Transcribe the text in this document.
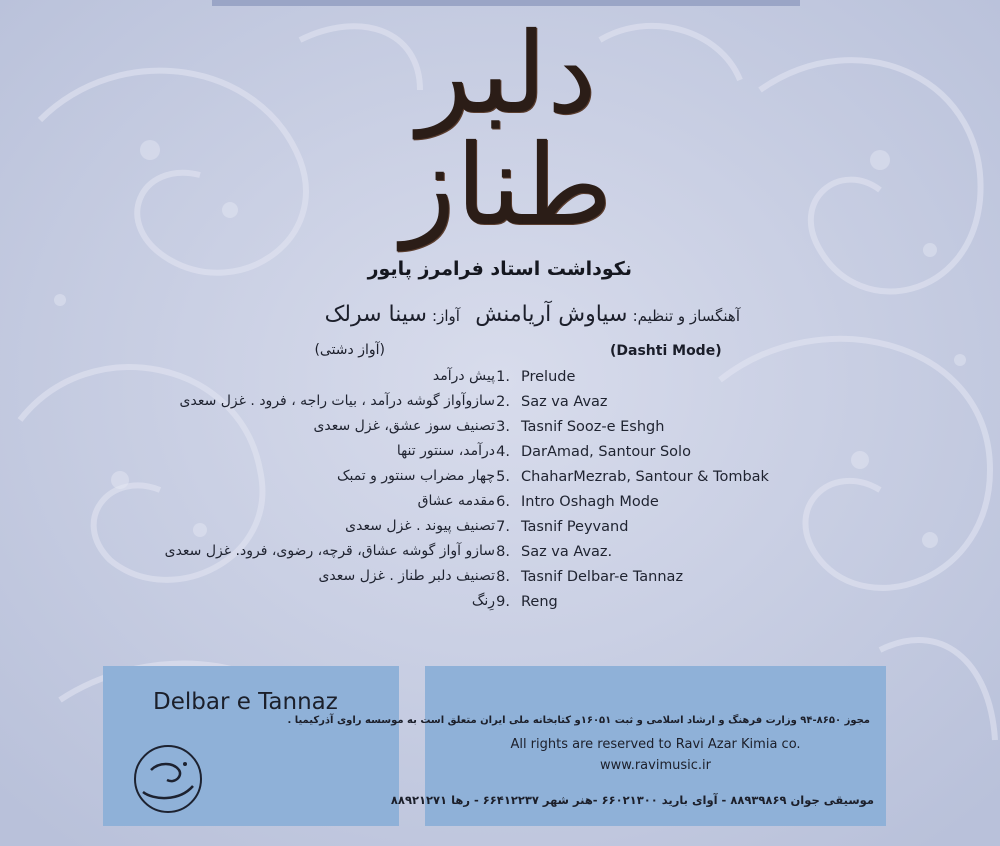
دلبر طناز
نکوداشت استاد فرامرز پایور
آهنگساز و تنظیم: سیاوش آریامنش   آواز: سینا سرلک
(آواز دشتی)	(Dashti Mode)
پیش درآمد 1. Prelude
سازوآواز گوشه درآمد ، بیات راجه ، فرود . غزل سعدی 2. Saz va Avaz
تصنیف سوز عشق، غزل سعدی 3. Tasnif Sooz-e Eshgh
درآمد، سنتور تنها 4. DarAmad, Santour Solo
چهار مضراب سنتور و تمبک 5. ChaharMezrab, Santour & Tombak
مقدمه عشاق 6. Intro Oshagh Mode
تصنیف پیوند . غزل سعدی 7. Tasnif Peyvand
سازو آواز گوشه عشاق، قرچه، رضوی، فرود. غزل سعدی 8. Saz va Avaz.
تصنیف دلبر طناز . غزل سعدی 8. Tasnif Delbar-e Tannaz
رِنگ 9. Reng
Delbar e Tannaz
مجوز ۸۶۵۰-۹۴ وزارت فرهنگ و ارشاد اسلامی و ثبت ۱۶۰۵۱و کتابخانه ملی ایران متعلق است به موسسه راوی آذرکیمیا .
All rights are reserved to Ravi Azar Kimia co.
www.ravimusic.ir
موسیقی جوان ۸۸۹۳۹۸۶۹ - آوای بارید ۶۶۰۲۱۳۰۰ -هنر شهر ۶۶۴۱۲۲۳۷ - رها ۸۸۹۲۱۲۷۱
